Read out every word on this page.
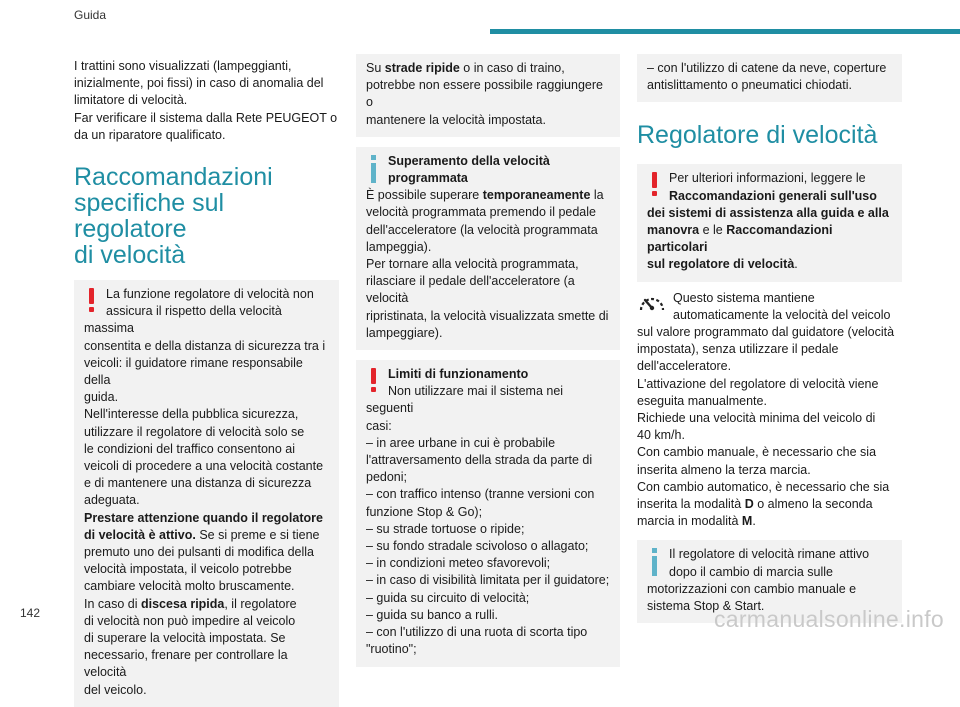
Guida

I trattini sono visualizzati (lampeggianti,

inizialmente, poi fissi) in caso di anomalia del

limitatore di velocità.

Far verificare il sistema dalla Rete PEUGEOT o

da un riparatore qualificato.

Raccomandazioni
specifiche sul regolatore
di velocità

La funzione regolatore di velocità non

assicura il rispetto della velocità massima

consentita e della distanza di sicurezza tra i

veicoli: il guidatore rimane responsabile della

guida.

Nell'interesse della pubblica sicurezza,

utilizzare il regolatore di velocità solo se

le condizioni del traffico consentono ai

veicoli di procedere a una velocità costante

e di mantenere una distanza di sicurezza

adeguata.

Prestare attenzione quando il regolatore

di velocità è attivo. Se si preme e si tiene

premuto uno dei pulsanti di modifica della

velocità impostata, il veicolo potrebbe

cambiare velocità molto bruscamente.

In caso di discesa ripida, il regolatore

di velocità non può impedire al veicolo

di superare la velocità impostata. Se

necessario, frenare per controllare la velocità

del veicolo.

Su strade ripide o in caso di traino,

potrebbe non essere possibile raggiungere o

mantenere la velocità impostata.

Superamento della velocità

programmata

È possibile superare temporaneamente la

velocità programmata premendo il pedale

dell'acceleratore (la velocità programmata

lampeggia).

Per tornare alla velocità programmata,

rilasciare il pedale dell'acceleratore (a velocità

ripristinata, la velocità visualizzata smette di

lampeggiare).

Limiti di funzionamento

Non utilizzare mai il sistema nei seguenti

casi:

– in aree urbane in cui è probabile

l'attraversamento della strada da parte di

pedoni;

– con traffico intenso (tranne versioni con

funzione Stop & Go);

– su strade tortuose o ripide;

– su fondo stradale scivoloso o allagato;

– in condizioni meteo sfavorevoli;

– in caso di visibilità limitata per il guidatore;

– guida su circuito di velocità;

– guida su banco a rulli.

– con l'utilizzo di una ruota di scorta tipo

"ruotino";

– con l'utilizzo di catene da neve, coperture

antislittamento o pneumatici chiodati.

Regolatore di velocità

Per ulteriori informazioni, leggere le

Raccomandazioni generali sull'uso

dei sistemi di assistenza alla guida e alla

manovra e le Raccomandazioni particolari

sul regolatore di velocità.

Questo sistema mantiene

automaticamente la velocità del veicolo

sul valore programmato dal guidatore (velocità

impostata), senza utilizzare il pedale

dell'acceleratore.

L'attivazione del regolatore di velocità viene

eseguita manualmente.

Richiede una velocità minima del veicolo di

40 km/h.

Con cambio manuale, è necessario che sia

inserita almeno la terza marcia.

Con cambio automatico, è necessario che sia

inserita la modalità D o almeno la seconda

marcia in modalità M.

Il regolatore di velocità rimane attivo

dopo il cambio di marcia sulle

motorizzazioni con cambio manuale e

sistema Stop & Start.

142	carmanualsonline.info
